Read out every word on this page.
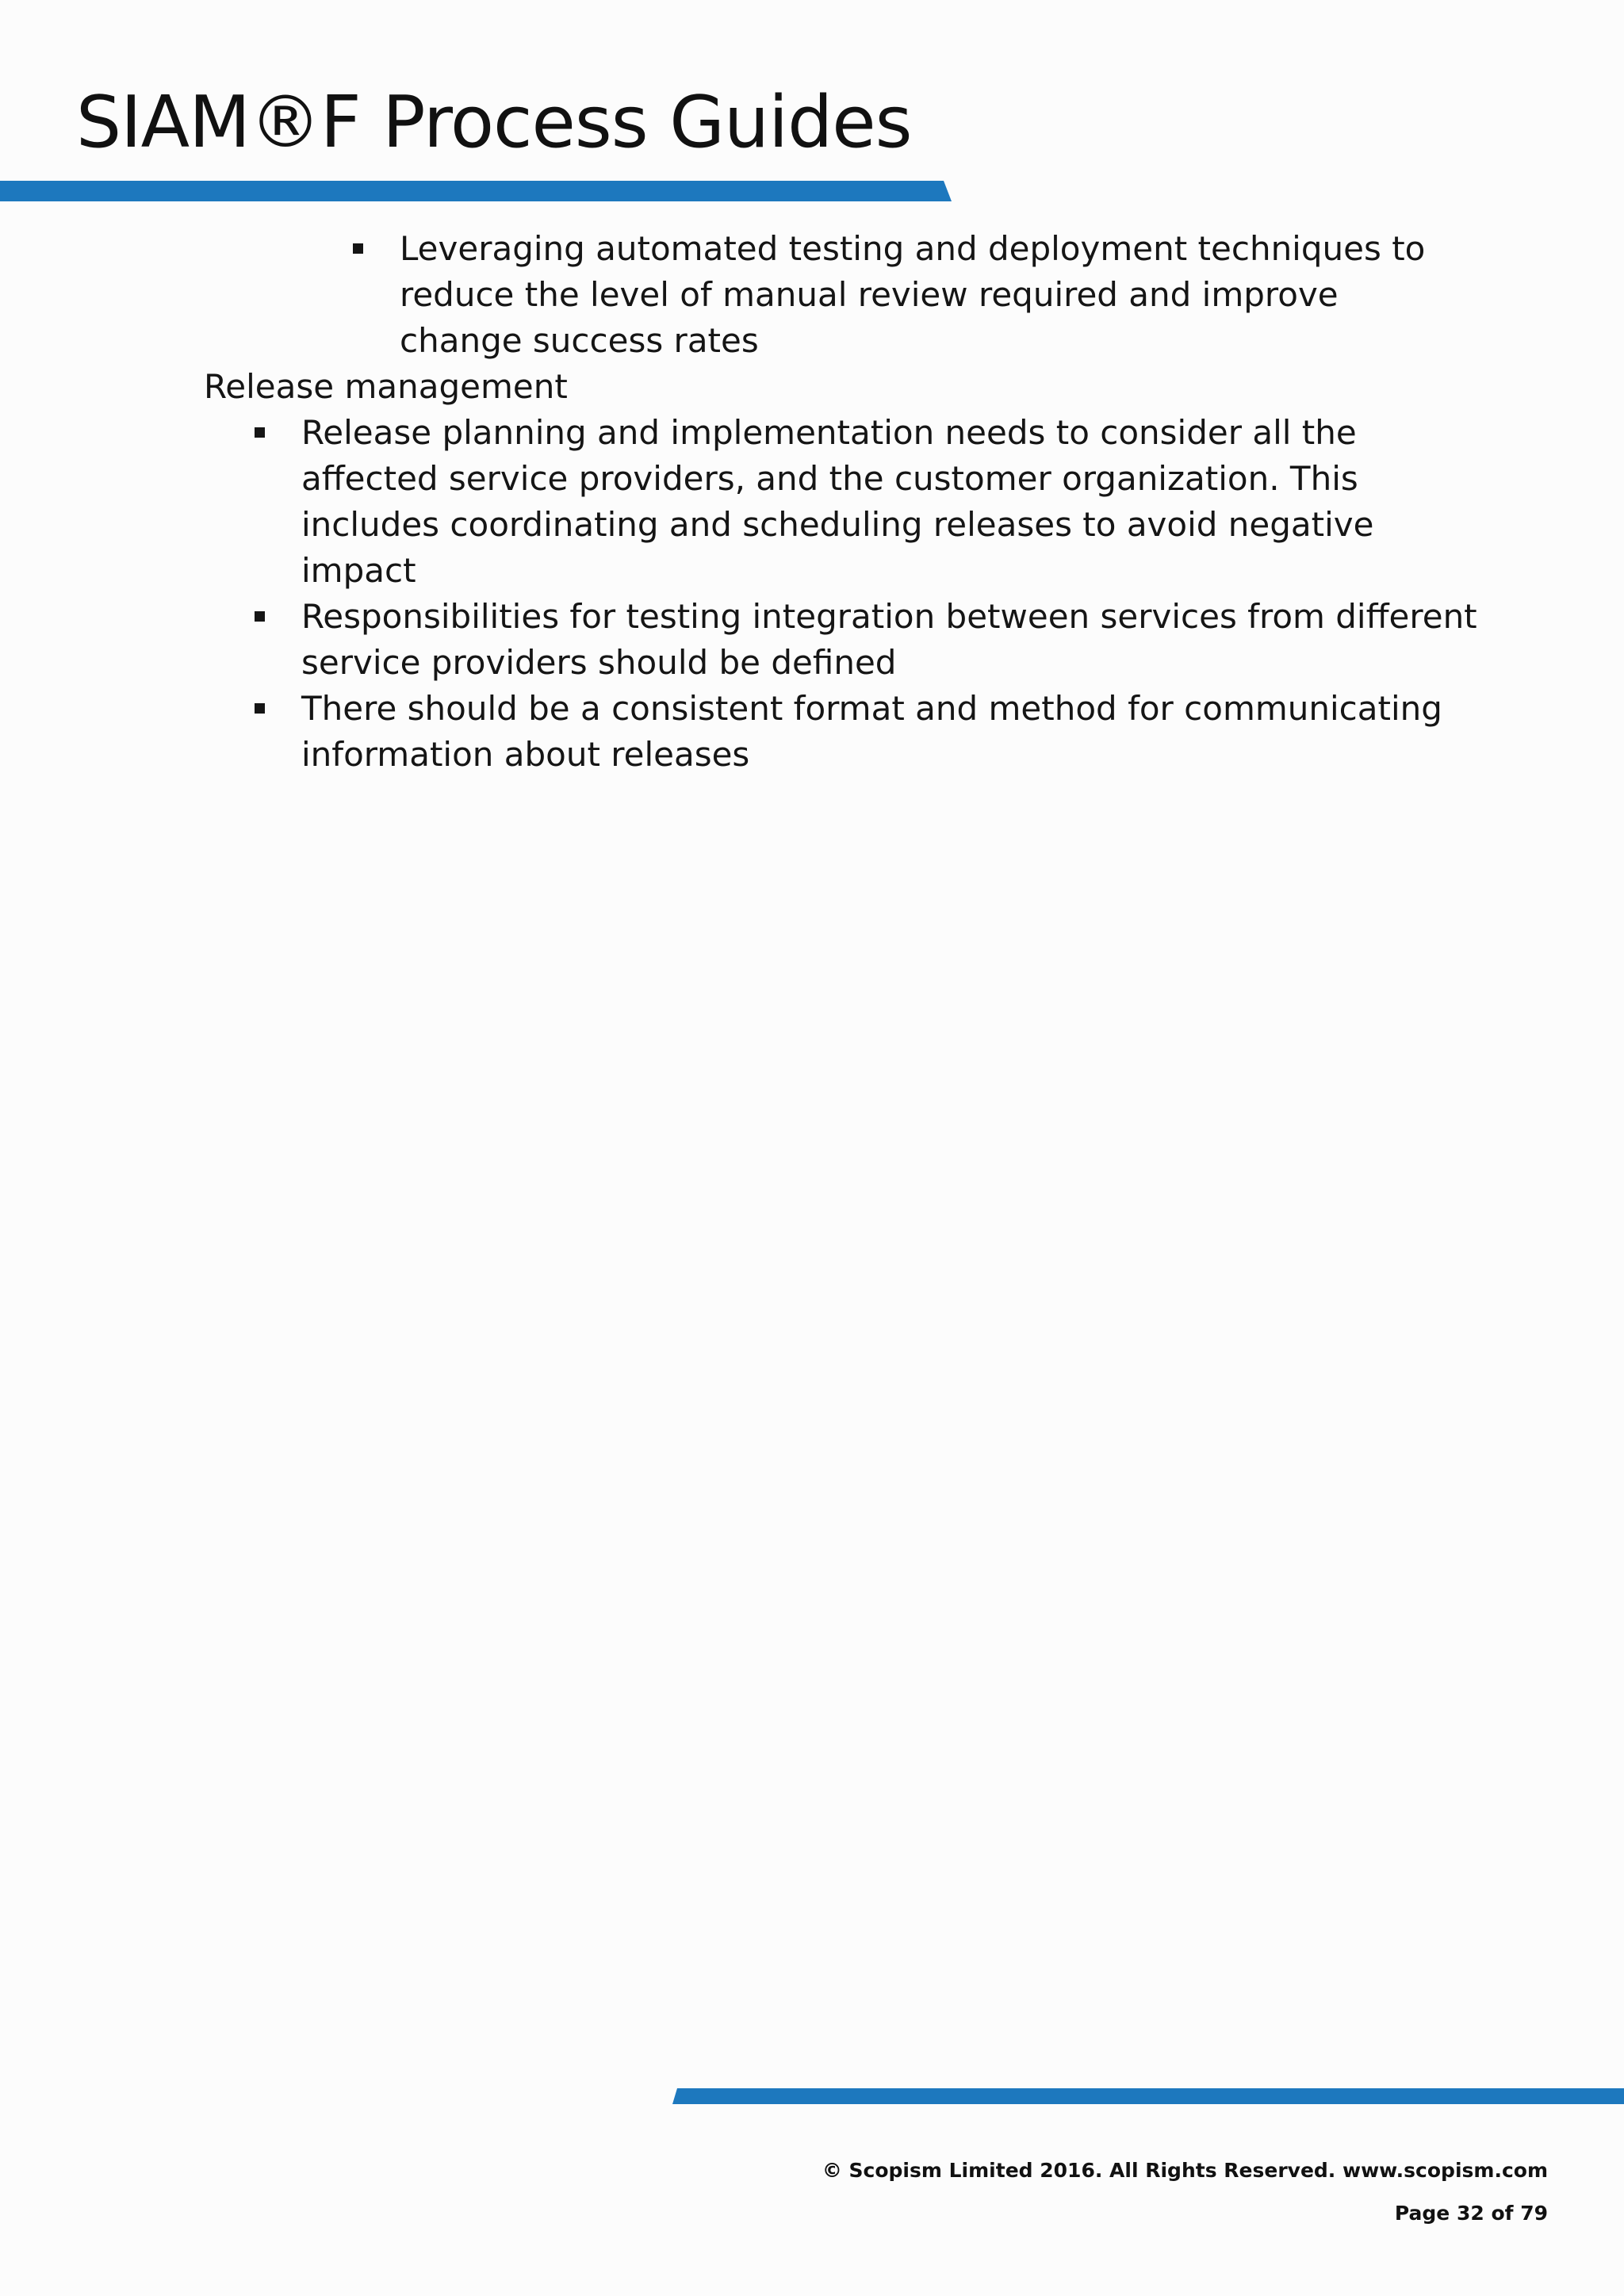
SIAM®F Process Guides
Leveraging automated testing and deployment techniques to
reduce the level of manual review required and improve
change success rates
Release management
Release planning and implementation needs to consider all the
affected service providers, and the customer organization. This
includes coordinating and scheduling releases to avoid negative
impact
Responsibilities for testing integration between services from different
service providers should be defined
There should be a consistent format and method for communicating
information about releases
© Scopism Limited 2016. All Rights Reserved. www.scopism.com
Page 32 of 79
